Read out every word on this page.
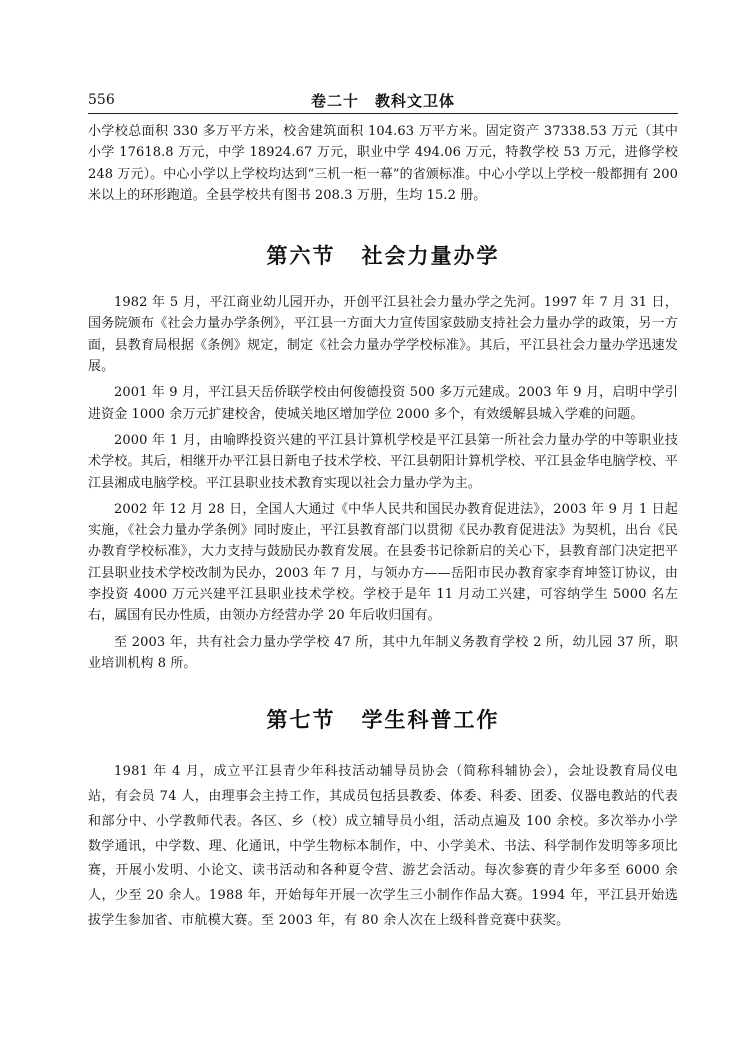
556	卷二十　教科文卫体

小学校总面积 330 多万平方米，校舍建筑面积 104.63 万平方米。固定资产 37338.53 万元（其中小学 17618.8 万元，中学 18924.67 万元，职业中学 494.06 万元，特教学校 53 万元，进修学校 248 万元）。中心小学以上学校均达到“三机一柜一幕”的省颁标准。中心小学以上学校一般都拥有 200 米以上的环形跑道。全县学校共有图书 208.3 万册，生均 15.2 册。

第六节 社会力量办学

1982 年 5 月，平江商业幼儿园开办，开创平江县社会力量办学之先河。1997 年 7 月 31 日，国务院颁布《社会力量办学条例》，平江县一方面大力宣传国家鼓励支持社会力量办学的政策，另一方面，县教育局根据《条例》规定，制定《社会力量办学学校标准》。其后，平江县社会力量办学迅速发展。

2001 年 9 月，平江县天岳侨联学校由何俊德投资 500 多万元建成。2003 年 9 月，启明中学引进资金 1000 余万元扩建校舍，使城关地区增加学位 2000 多个，有效缓解县城入学难的问题。

2000 年 1 月，由喻晔投资兴建的平江县计算机学校是平江县第一所社会力量办学的中等职业技术学校。其后，相继开办平江县日新电子技术学校、平江县朝阳计算机学校、平江县金华电脑学校、平江县湘成电脑学校。平江县职业技术教育实现以社会力量办学为主。

2002 年 12 月 28 日，全国人大通过《中华人民共和国民办教育促进法》，2003 年 9 月 1 日起实施，《社会力量办学条例》同时废止，平江县教育部门以贯彻《民办教育促进法》为契机，出台《民办教育学校标准》，大力支持与鼓励民办教育发展。在县委书记徐新启的关心下，县教育部门决定把平江县职业技术学校改制为民办，2003 年 7 月，与领办方——岳阳市民办教育家李育坤签订协议，由李投资 4000 万元兴建平江县职业技术学校。学校于是年 11 月动工兴建，可容纳学生 5000 名左右，属国有民办性质，由领办方经营办学 20 年后收归国有。

至 2003 年，共有社会力量办学学校 47 所，其中九年制义务教育学校 2 所，幼儿园 37 所，职业培训机构 8 所。

第七节 学生科普工作

1981 年 4 月，成立平江县青少年科技活动辅导员协会（简称科辅协会），会址设教育局仪电站，有会员 74 人，由理事会主持工作，其成员包括县教委、体委、科委、团委、仪器电教站的代表和部分中、小学教师代表。各区、乡（校）成立辅导员小组，活动点遍及 100 余校。多次举办小学数学通讯，中学数、理、化通讯，中学生物标本制作，中、小学美术、书法、科学制作发明等多项比赛，开展小发明、小论文、读书活动和各种夏令营、游艺会活动。每次参赛的青少年多至 6000 余人，少至 20 余人。1988 年，开始每年开展一次学生三小制作作品大赛。1994 年，平江县开始选拔学生参加省、市航模大赛。至 2003 年，有 80 余人次在上级科普竞赛中获奖。
